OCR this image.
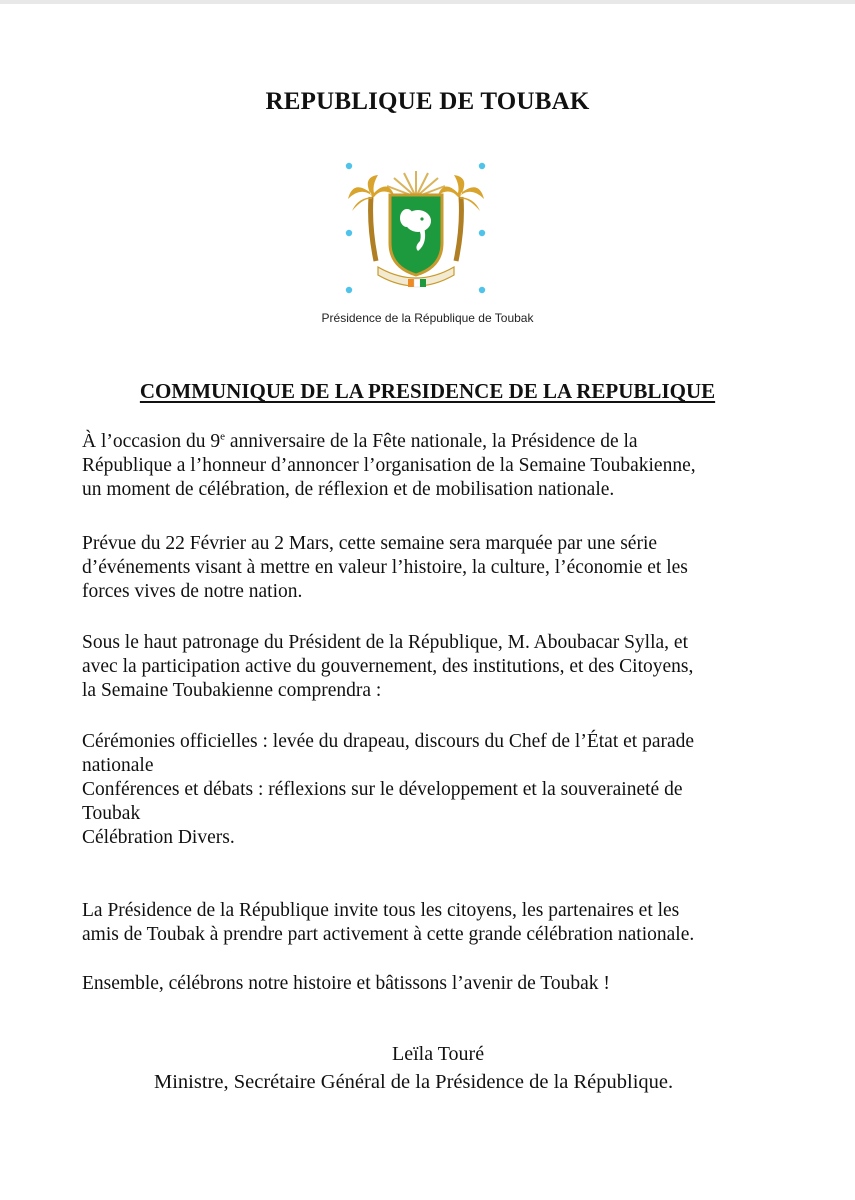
REPUBLIQUE DE TOUBAK

Présidence de la République de Toubak

COMMUNIQUE DE LA PRESIDENCE DE LA REPUBLIQUE
À l’occasion du 9e anniversaire de la Fête nationale, la Présidence de la
République a l’honneur d’annoncer l’organisation de la Semaine Toubakienne,
un moment de célébration, de réflexion et de mobilisation nationale.
Prévue du 22 Février au 2 Mars, cette semaine sera marquée par une série
d’événements visant à mettre en valeur l’histoire, la culture, l’économie et les
forces vives de notre nation.
Sous le haut patronage du Président de la République, M. Aboubacar Sylla, et
avec la participation active du gouvernement, des institutions, et des Citoyens,
la Semaine Toubakienne comprendra :
Cérémonies officielles : levée du drapeau, discours du Chef de l’État et parade
nationale
Conférences et débats : réflexions sur le développement et la souveraineté de
Toubak
Célébration Divers.
La Présidence de la République invite tous les citoyens, les partenaires et les
amis de Toubak à prendre part activement à cette grande célébration nationale.
Ensemble, célébrons notre histoire et bâtissons l’avenir de Toubak !

Leïla Touré

Ministre, Secrétaire Général de la Présidence de la République.
